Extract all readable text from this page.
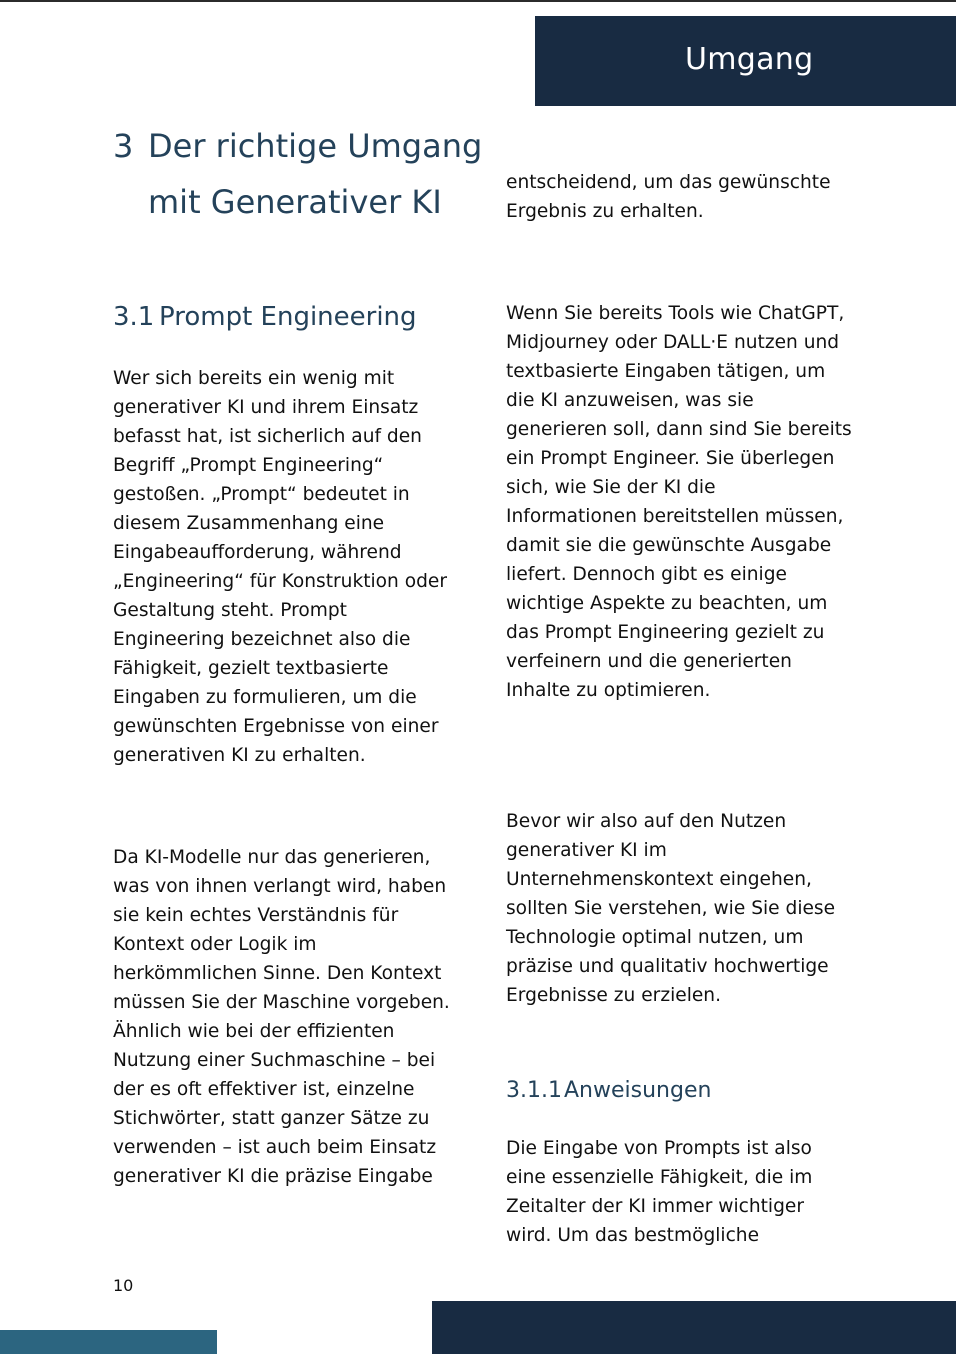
Umgang
3 Der richtige Umgang mit Generativer KI
3.1 Prompt Engineering

Wer sich bereits ein wenig mit generativer KI und ihrem Einsatz befasst hat, ist sicherlich auf den Begriff „Prompt Engineering“ gestoßen. „Prompt“ bedeutet in diesem Zusammenhang eine Eingabeaufforderung, während „Engineering“ für Konstruktion oder Gestaltung steht. Prompt Engineering bezeichnet also die Fähigkeit, gezielt textbasierte Eingaben zu formulieren, um die gewünschten Ergebnisse von einer generativen KI zu erhalten.

Da KI-Modelle nur das generieren, was von ihnen verlangt wird, haben sie kein echtes Verständnis für Kontext oder Logik im herkömmlichen Sinne. Den Kontext müssen Sie der Maschine vorgeben. Ähnlich wie bei der effizienten Nutzung einer Suchmaschine – bei der es oft effektiver ist, einzelne Stichwörter, statt ganzer Sätze zu verwenden – ist auch beim Einsatz generativer KI die präzise Eingabe

entscheidend, um das gewünschte Ergebnis zu erhalten.

Wenn Sie bereits Tools wie ChatGPT, Midjourney oder DALL·E nutzen und textbasierte Eingaben tätigen, um die KI anzuweisen, was sie generieren soll, dann sind Sie bereits ein Prompt Engineer. Sie überlegen sich, wie Sie der KI die Informationen bereitstellen müssen, damit sie die gewünschte Ausgabe liefert. Dennoch gibt es einige wichtige Aspekte zu beachten, um das Prompt Engineering gezielt zu verfeinern und die generierten Inhalte zu optimieren.

Bevor wir also auf den Nutzen generativer KI im Unternehmenskontext eingehen, sollten Sie verstehen, wie Sie diese Technologie optimal nutzen, um präzise und qualitativ hochwertige Ergebnisse zu erzielen.

3.1.1Anweisungen

Die Eingabe von Prompts ist also eine essenzielle Fähigkeit, die im Zeitalter der KI immer wichtiger wird. Um das bestmögliche

10
